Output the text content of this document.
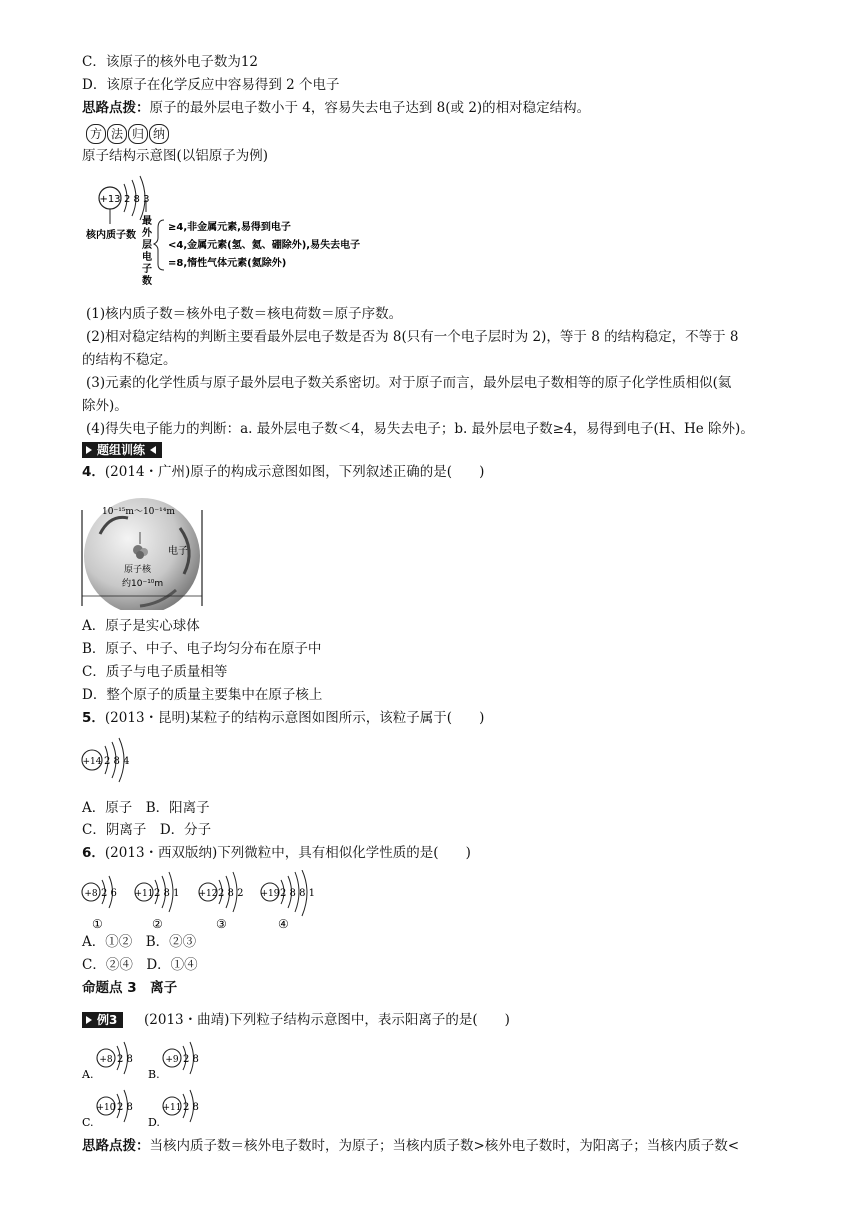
C．该原子的核外电子数为12
D．该原子在化学反应中容易得到 2 个电子
思路点拨：原子的最外层电子数小于 4，容易失去电子达到 8(或 2)的相对稳定结构。
方 法 归 纳
原子结构示意图(以铝原子为例)
+13 2 8 3
核内质子数
最
外
层
电
子
数
≥4,非金属元素,易得到电子
<4,金属元素(氢、氦、硼除外),易失去电子
=8,惰性气体元素(氦除外)
(1)核内质子数＝核外电子数＝核电荷数＝原子序数。
(2)相对稳定结构的判断主要看最外层电子数是否为 8(只有一个电子层时为 2)，等于 8 的结构稳定，不等于 8
的结构不稳定。
(3)元素的化学性质与原子最外层电子数关系密切。对于原子而言，最外层电子数相等的原子化学性质相似(氦
除外)。
(4)得失电子能力的判断：a. 最外层电子数＜4，易失去电子；b. 最外层电子数≥4，易得到电子(H、He 除外)。
题组训练
4．(2014・广州)原子的构成示意图如图，下列叙述正确的是(　　)
10⁻¹⁵m～10⁻¹⁴m
电子
原子核
约10⁻¹⁰m
A．原子是实心球体
B．原子、中子、电子均匀分布在原子中
C．质子与电子质量相等
D．整个原子的质量主要集中在原子核上
5．(2013・昆明)某粒子的结构示意图如图所示，该粒子属于(　　)
+14 2 8 4
A．原子　B．阳离子
C．阴离子　D．分子
6．(2013・西双版纳)下列微粒中，具有相似化学性质的是(　　)
+8 2 6
①
+11 2 8 1
②
+12 2 8 2
③
+19 2 8 8 1
④
A．①②　B．②③
C．②④　D．①④
命题点 3　离子
例3	(2013・曲靖)下列粒子结构示意图中，表示阳离子的是(　　)
A.
+8 2 8
B.
+9 2 8
C.
+10 2 8
D.
+11 2 8
思路点拨：当核内质子数＝核外电子数时，为原子；当核内质子数>核外电子数时，为阳离子；当核内质子数<
